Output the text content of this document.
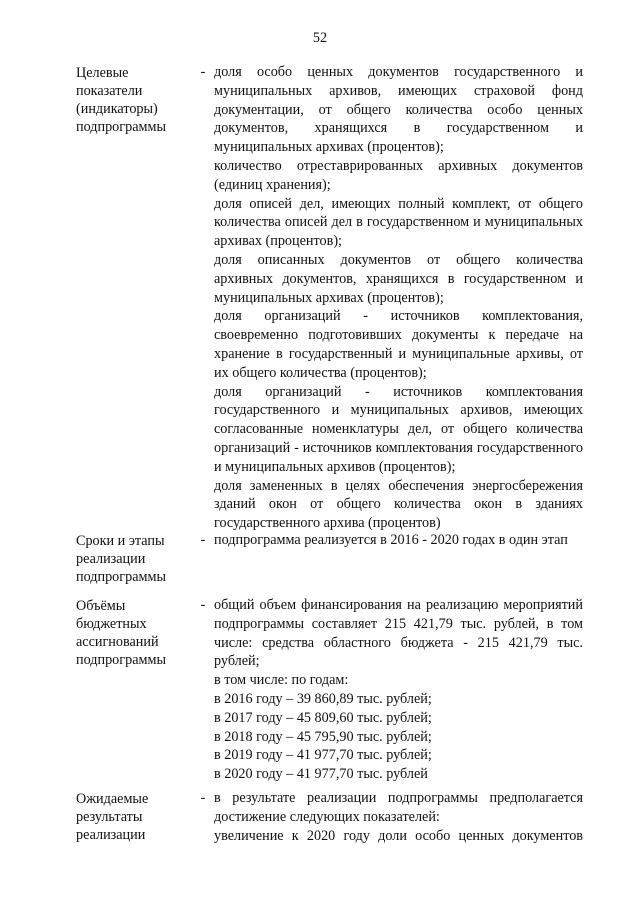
52
Целевые
показатели
(индикаторы)
подпрограммы
- доля особо ценных документов государственного и муниципальных архивов, имеющих страховой фонд документации, от общего количества особо ценных документов, хранящихся в государственном и муниципальных архивах (процентов);

количество отреставрированных архивных документов (единиц хранения);

доля описей дел, имеющих полный комплект, от общего количества описей дел в государственном и муниципальных архивах (процентов);

доля описанных документов от общего количества архивных документов, хранящихся в государственном и муниципальных архивах (процентов);

доля организаций - источников комплектования, своевременно подготовивших документы к передаче на хранение в государственный и муниципальные архивы, от их общего количества (процентов);

доля организаций - источников комплектования государственного и муниципальных архивов, имеющих согласованные номенклатуры дел, от общего количества организаций - источников комплектования государственного и муниципальных архивов (процентов);

доля замененных в целях обеспечения энергосбережения зданий окон от общего количества окон в зданиях государственного архива (процентов)

Сроки и этапы
реализации
подпрограммы
- подпрограмма реализуется в 2016 - 2020 годах в один этап

Объёмы
бюджетных
ассигнований
подпрограммы
- общий объем финансирования на реализацию мероприятий подпрограммы составляет 215 421,79 тыс. рублей, в том числе: средства областного бюджета - 215 421,79 тыс. рублей;

в том числе: по годам:

в 2016 году – 39 860,89 тыс. рублей;

в 2017 году – 45 809,60 тыс. рублей;

в 2018 году – 45 795,90 тыс. рублей;

в 2019 году – 41 977,70 тыс. рублей;

в 2020 году – 41 977,70 тыс. рублей

Ожидаемые
результаты
реализации
- в результате реализации подпрограммы предполагается достижение следующих показателей:

увеличение к 2020 году доли особо ценных документов
